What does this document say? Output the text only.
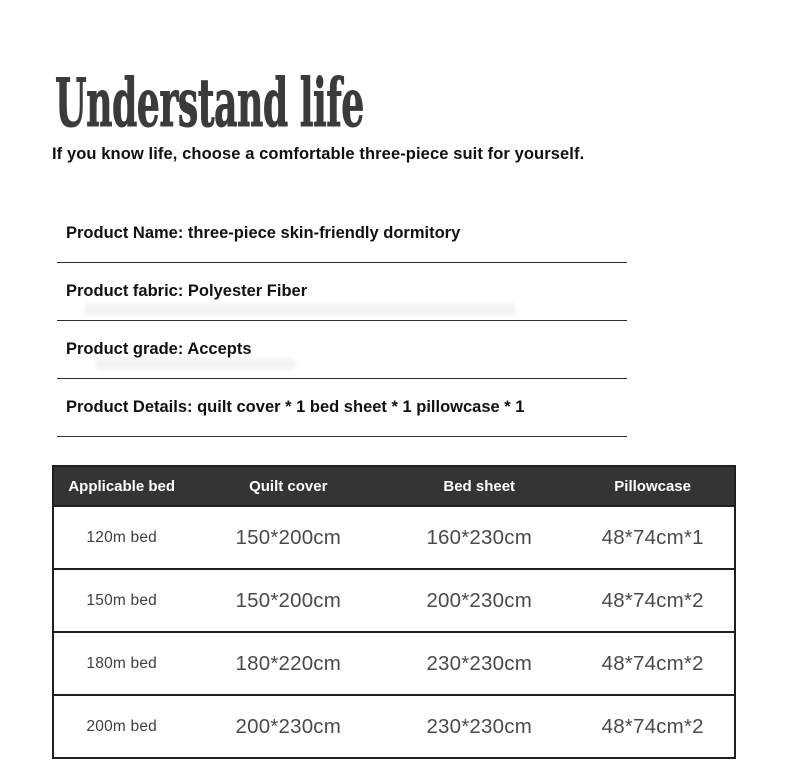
Understand life

If you know life, choose a comfortable three-piece suit for yourself.

Product Name: three-piece skin-friendly dormitory
Product fabric: Polyester Fiber
Product grade: Accepts
Product Details: quilt cover * 1 bed sheet * 1 pillowcase * 1
Applicable bed	Quilt cover	Bed sheet	Pillowcase
120m bed	150*200cm	160*230cm	48*74cm*1
150m bed	150*200cm	200*230cm	48*74cm*2
180m bed	180*220cm	230*230cm	48*74cm*2
200m bed	200*230cm	230*230cm	48*74cm*2
